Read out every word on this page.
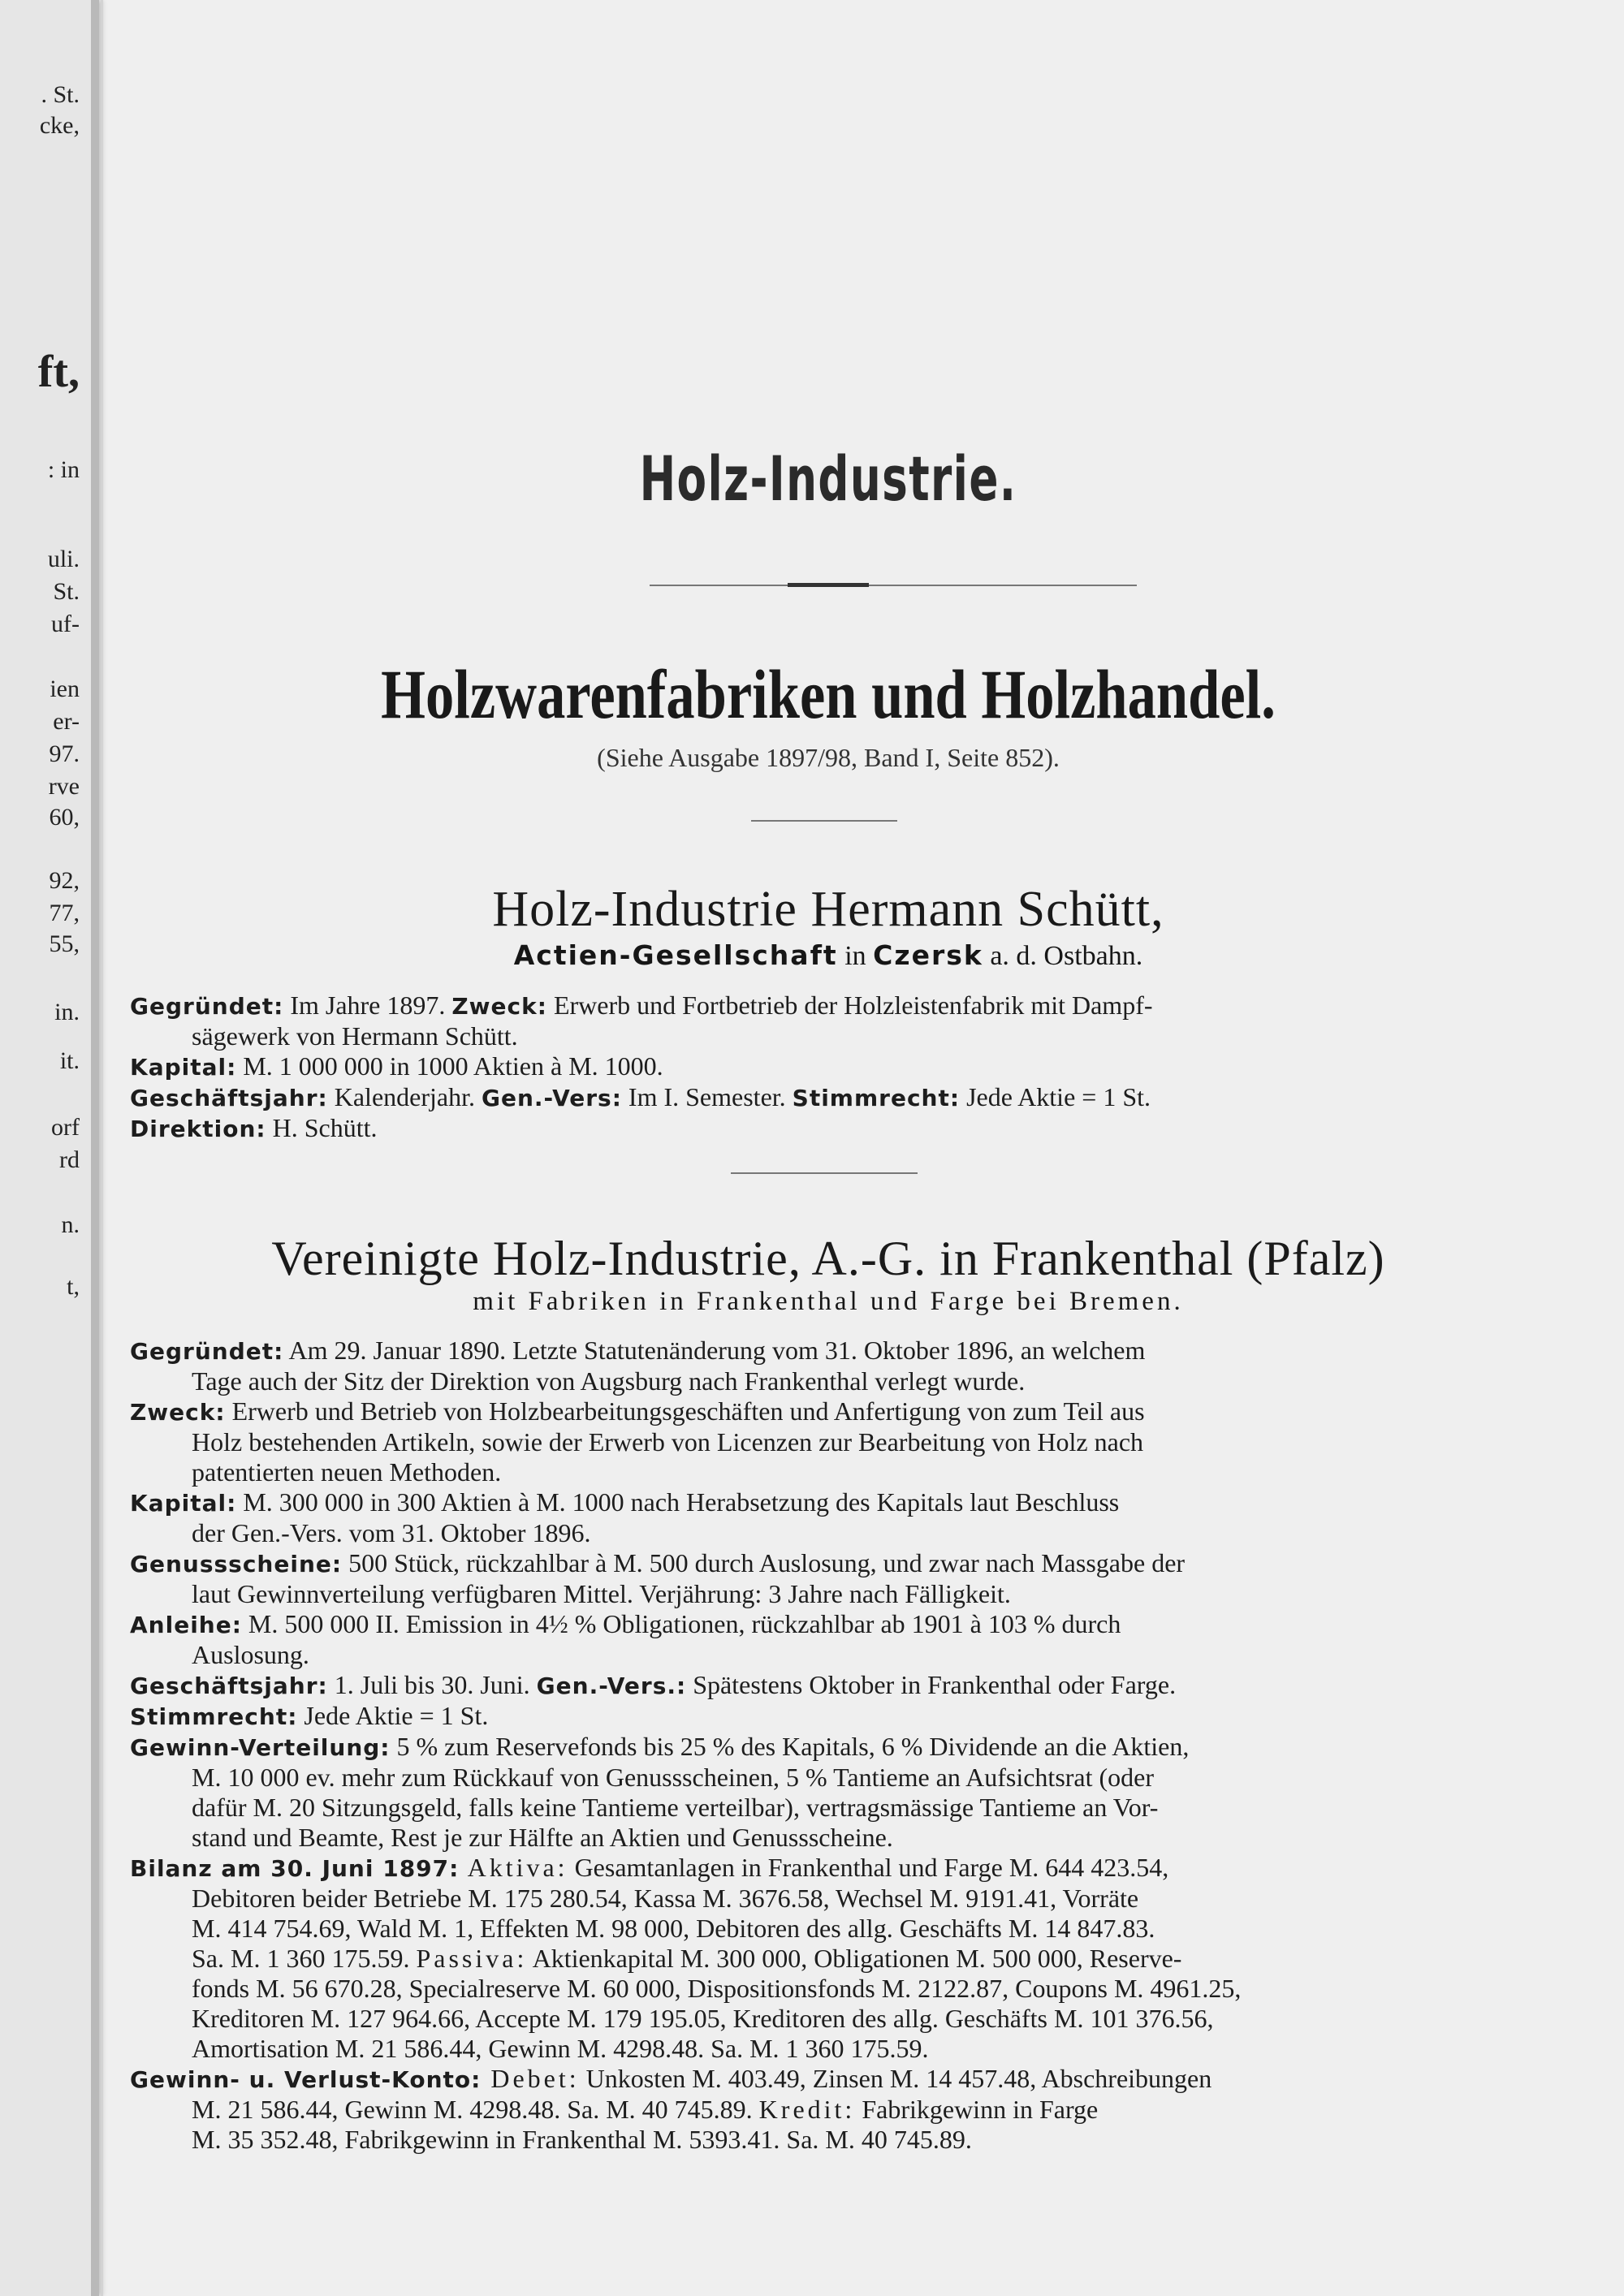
. St.
cke,
ft,
: in
uli.
St.
uf-
ien
er-
97.
rve
60,
92,
77,
55,
in.
it.
orf
rd
n.
t,
Holz-Industrie.
Holzwarenfabriken und Holzhandel.
(Siehe Ausgabe 1897/98, Band I, Seite 852).
Holz-Industrie Hermann Schütt,
Actien-Gesellschaft in Czersk a. d. Ostbahn.
Gegründet: Im Jahre 1897. Zweck: Erwerb und Fortbetrieb der Holzleistenfabrik mit Dampf-
sägewerk von Hermann Schütt.
Kapital: M. 1 000 000 in 1000 Aktien à M. 1000.
Geschäftsjahr: Kalenderjahr. Gen.-Vers: Im I. Semester. Stimmrecht: Jede Aktie = 1 St.
Direktion: H. Schütt.
Vereinigte Holz-Industrie, A.-G. in Frankenthal (Pfalz)
mit Fabriken in Frankenthal und Farge bei Bremen.
Gegründet: Am 29. Januar 1890. Letzte Statutenänderung vom 31. Oktober 1896, an welchem
Tage auch der Sitz der Direktion von Augsburg nach Frankenthal verlegt wurde.
Zweck: Erwerb und Betrieb von Holzbearbeitungsgeschäften und Anfertigung von zum Teil aus
Holz bestehenden Artikeln, sowie der Erwerb von Licenzen zur Bearbeitung von Holz nach
patentierten neuen Methoden.
Kapital: M. 300 000 in 300 Aktien à M. 1000 nach Herabsetzung des Kapitals laut Beschluss
der Gen.-Vers. vom 31. Oktober 1896.
Genussscheine: 500 Stück, rückzahlbar à M. 500 durch Auslosung, und zwar nach Massgabe der
laut Gewinnverteilung verfügbaren Mittel. Verjährung: 3 Jahre nach Fälligkeit.
Anleihe: M. 500 000 II. Emission in 4½ % Obligationen, rückzahlbar ab 1901 à 103 % durch
Auslosung.
Geschäftsjahr: 1. Juli bis 30. Juni. Gen.-Vers.: Spätestens Oktober in Frankenthal oder Farge.
Stimmrecht: Jede Aktie = 1 St.
Gewinn-Verteilung: 5 % zum Reservefonds bis 25 % des Kapitals, 6 % Dividende an die Aktien,
M. 10 000 ev. mehr zum Rückkauf von Genussscheinen, 5 % Tantieme an Aufsichtsrat (oder
dafür M. 20 Sitzungsgeld, falls keine Tantieme verteilbar), vertragsmässige Tantieme an Vor-
stand und Beamte, Rest je zur Hälfte an Aktien und Genussscheine.
Bilanz am 30. Juni 1897: Aktiva: Gesamtanlagen in Frankenthal und Farge M. 644 423.54,
Debitoren beider Betriebe M. 175 280.54, Kassa M. 3676.58, Wechsel M. 9191.41, Vorräte
M. 414 754.69, Wald M. 1, Effekten M. 98 000, Debitoren des allg. Geschäfts M. 14 847.83.
Sa. M. 1 360 175.59. Passiva: Aktienkapital M. 300 000, Obligationen M. 500 000, Reserve-
fonds M. 56 670.28, Specialreserve M. 60 000, Dispositionsfonds M. 2122.87, Coupons M. 4961.25,
Kreditoren M. 127 964.66, Accepte M. 179 195.05, Kreditoren des allg. Geschäfts M. 101 376.56,
Amortisation M. 21 586.44, Gewinn M. 4298.48. Sa. M. 1 360 175.59.
Gewinn- u. Verlust-Konto: Debet: Unkosten M. 403.49, Zinsen M. 14 457.48, Abschreibungen
M. 21 586.44, Gewinn M. 4298.48. Sa. M. 40 745.89. Kredit: Fabrikgewinn in Farge
M. 35 352.48, Fabrikgewinn in Frankenthal M. 5393.41. Sa. M. 40 745.89.
